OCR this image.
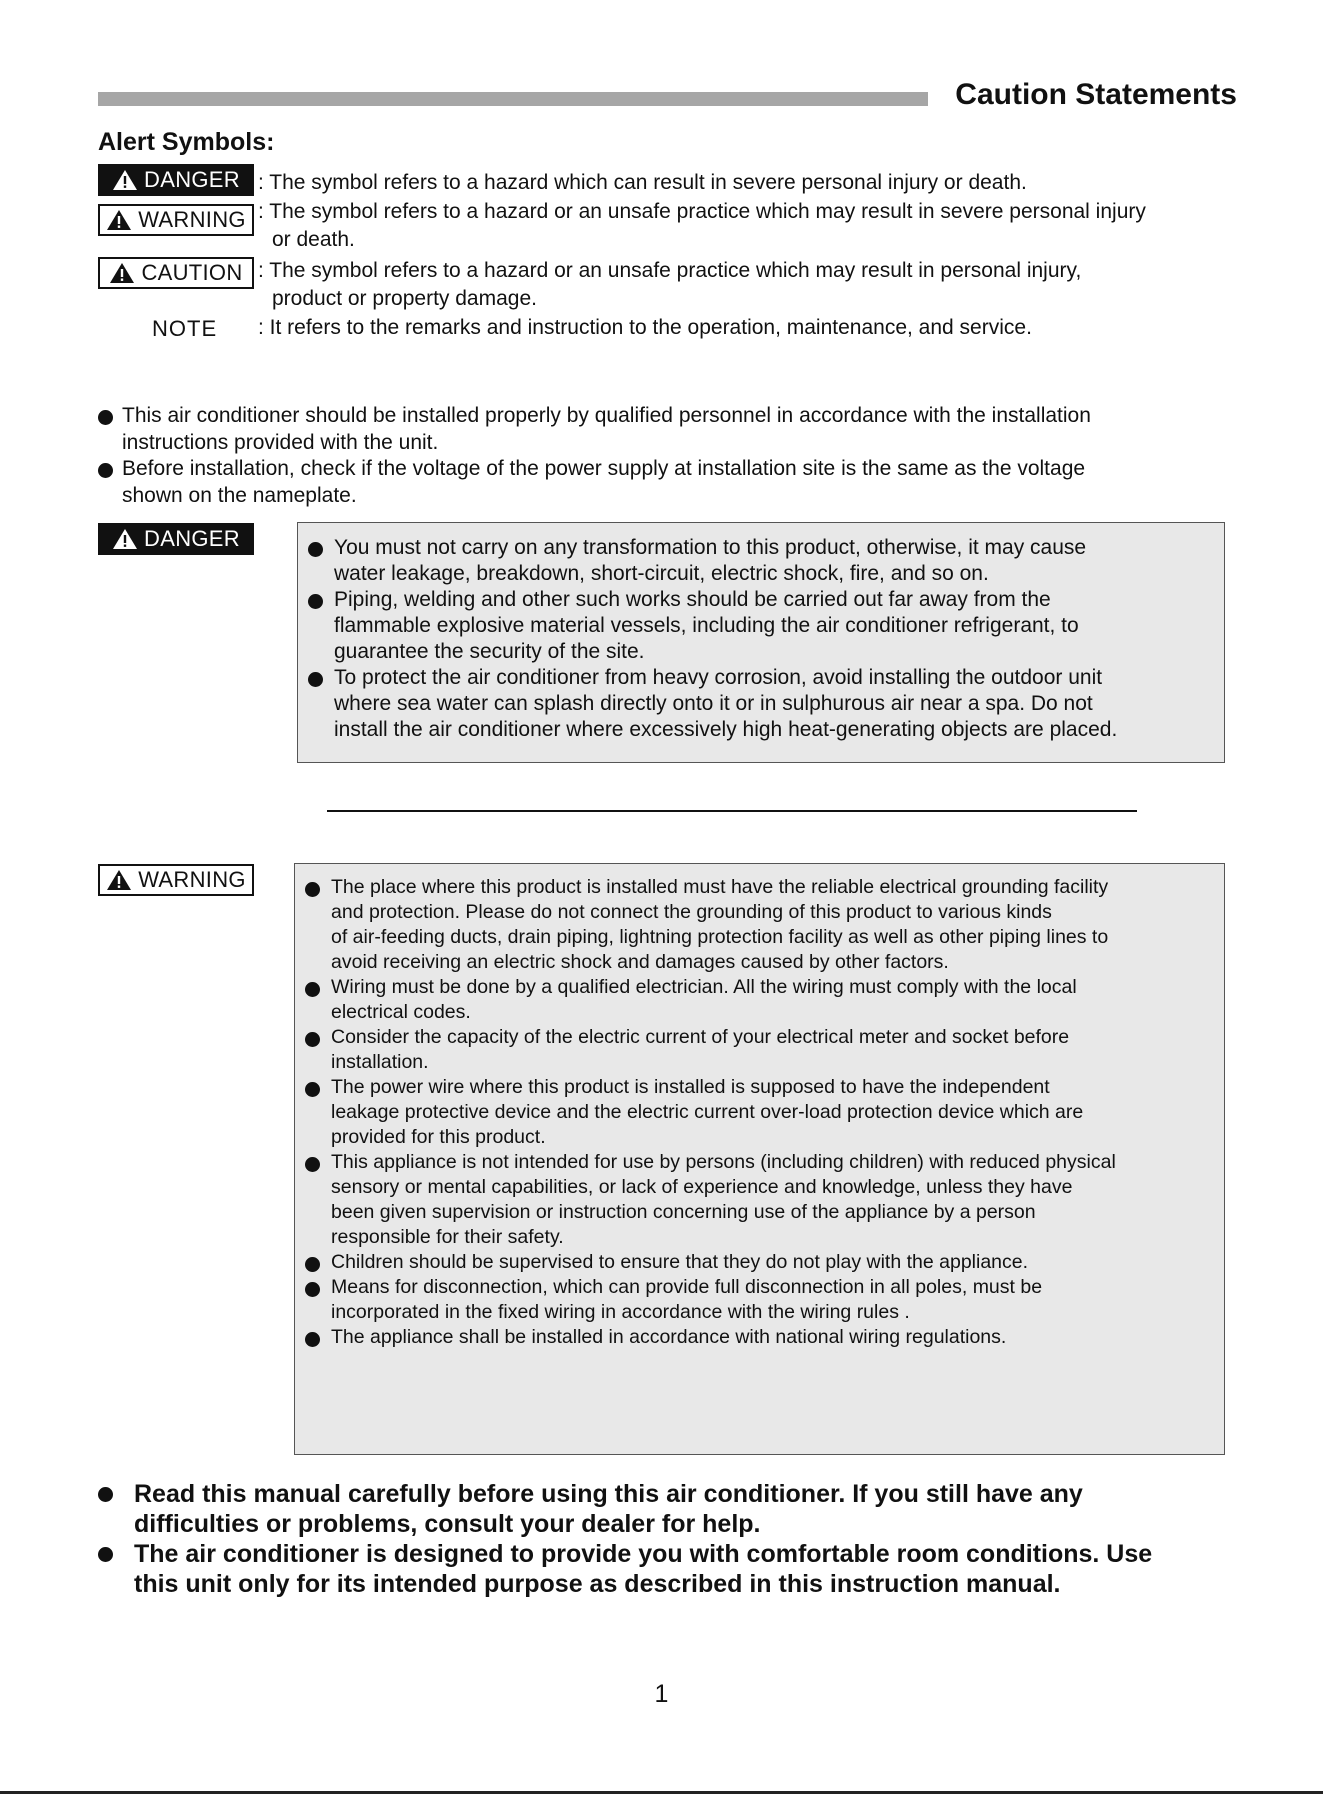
Caution Statements
Alert Symbols:
DANGER : The symbol refers to a hazard which can result in severe personal injury or death.
WARNING : The symbol refers to a hazard or an unsafe practice which may result in severe personal injury
or death.
CAUTION : The symbol refers to a hazard or an unsafe practice which may result in personal injury,
product or property damage.
NOTE : It refers to the remarks and instruction to the operation, maintenance, and service.
This air conditioner should be installed properly by qualified personnel in accordance with the installation
instructions provided with the unit.
Before installation, check if the voltage of the power supply at installation site is the same as the voltage
shown on the nameplate.
DANGER	You must not carry on any transformation to this product, otherwise, it may cause
water leakage, breakdown, short-circuit, electric shock, fire, and so on.
Piping, welding and other such works should be carried out far away from the
flammable explosive material vessels, including the air conditioner refrigerant, to
guarantee the security of the site.
To protect the air conditioner from heavy corrosion, avoid installing the outdoor unit
where sea water can splash directly onto it or in sulphurous air near a spa. Do not
install the air conditioner where excessively high heat-generating objects are placed.
WARNING	The place where this product is installed must have the reliable electrical grounding facility
and protection. Please do not connect the grounding of this product to various kinds
of air-feeding ducts, drain piping, lightning protection facility as well as other piping lines to
avoid receiving an electric shock and damages caused by other factors.
Wiring must be done by a qualified electrician. All the wiring must comply with the local
electrical codes.
Consider the capacity of the electric current of your electrical meter and socket before
installation.
The power wire where this product is installed is supposed to have the independent
leakage protective device and the electric current over-load protection device which are
provided for this product.
This appliance is not intended for use by persons (including children) with reduced physical
sensory or mental capabilities, or lack of experience and knowledge, unless they have
been given supervision or instruction concerning use of the appliance by a person
responsible for their safety.
Children should be supervised to ensure that they do not play with the appliance.
Means for disconnection, which can provide full disconnection in all poles, must be
incorporated in the fixed wiring in accordance with the wiring rules .
The appliance shall be installed in accordance with national wiring regulations.
Read this manual carefully before using this air conditioner. If you still have any
difficulties or problems, consult your dealer for help.
The air conditioner is designed to provide you with comfortable room conditions. Use
this unit only for its intended purpose as described in this instruction manual.
1
